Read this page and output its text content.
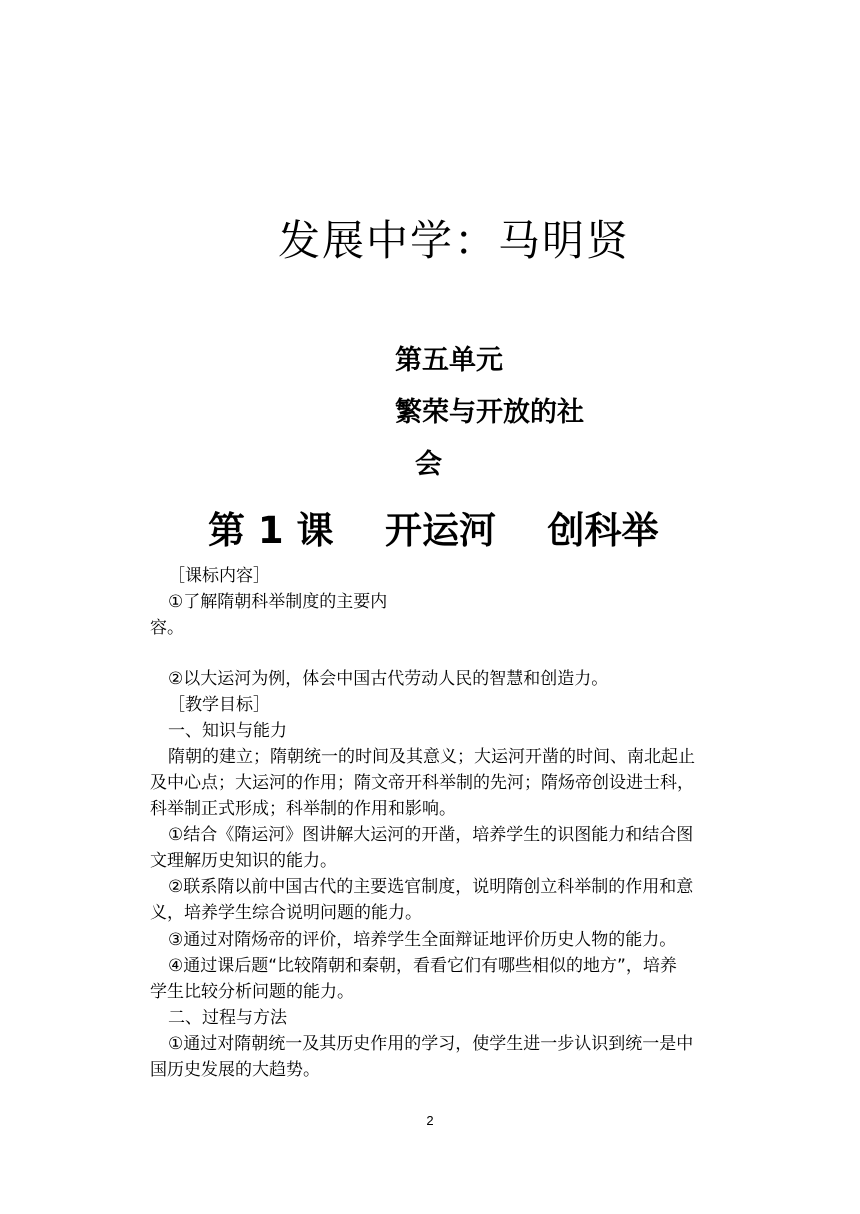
发展中学：马明贤
第五单元
繁荣与开放的社
会
第 1 课    开运河    创科举
［课标内容］
①了解隋朝科举制度的主要内
容。
②以大运河为例，体会中国古代劳动人民的智慧和创造力。
［教学目标］
一、知识与能力
隋朝的建立；隋朝统一的时间及其意义；大运河开凿的时间、南北起止
及中心点；大运河的作用；隋文帝开科举制的先河；隋炀帝创设进士科，
科举制正式形成；科举制的作用和影响。
①结合《隋运河》图讲解大运河的开凿，培养学生的识图能力和结合图
文理解历史知识的能力。
②联系隋以前中国古代的主要选官制度，说明隋创立科举制的作用和意
义，培养学生综合说明问题的能力。
③通过对隋炀帝的评价，培养学生全面辩证地评价历史人物的能力。
④通过课后题“比较隋朝和秦朝，看看它们有哪些相似的地方”，培养
学生比较分析问题的能力。
二、过程与方法
①通过对隋朝统一及其历史作用的学习，使学生进一步认识到统一是中
国历史发展的大趋势。
2
